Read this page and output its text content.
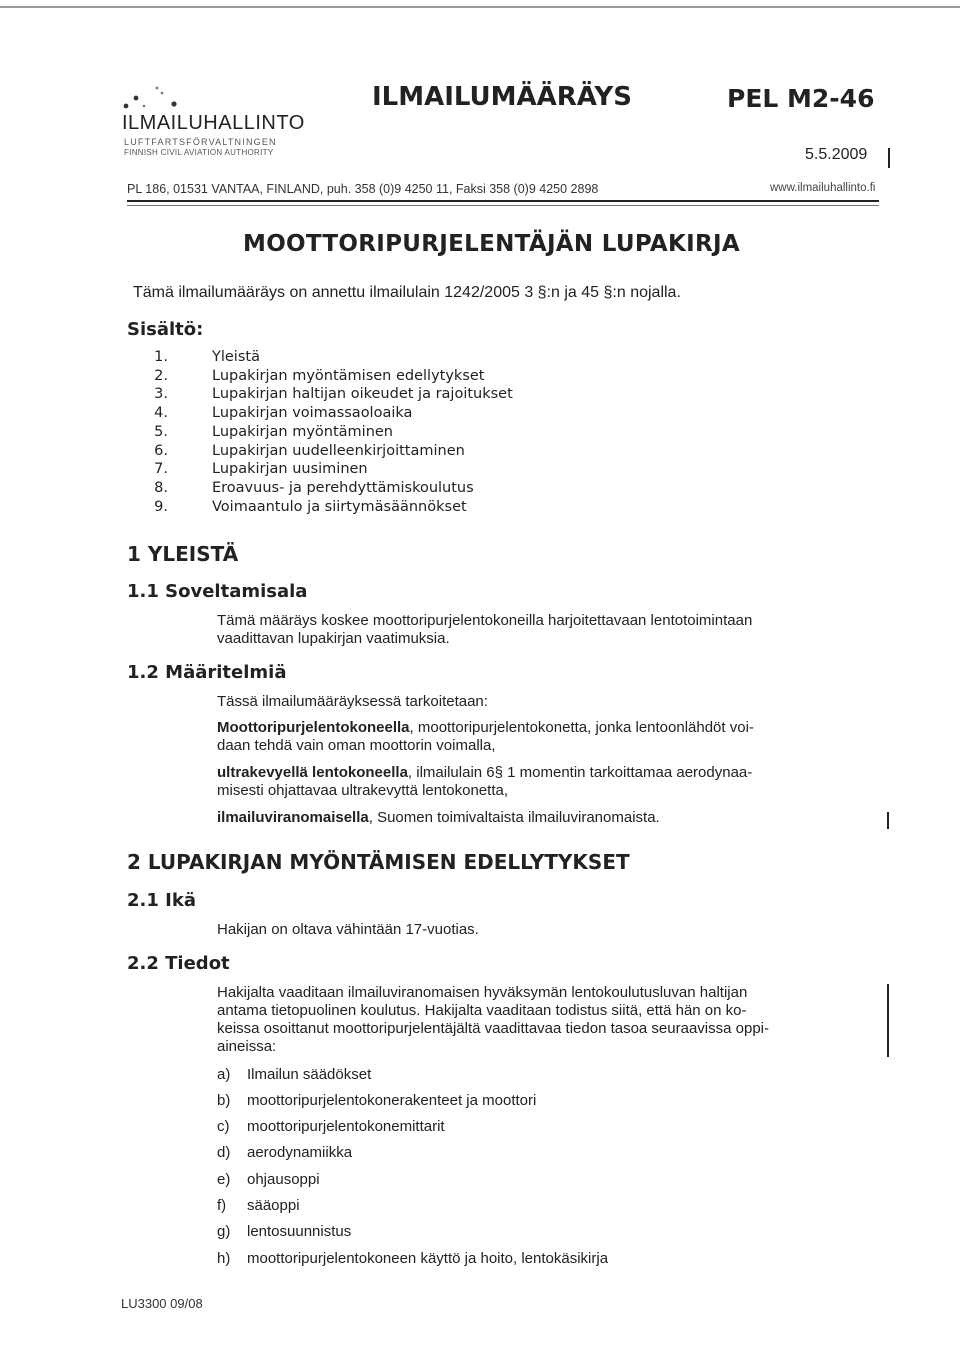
ILMAILUHALLINTO
LUFTFARTSFÖRVALTNINGEN
FINNISH CIVIL AVIATION AUTHORITY
ILMAILUMÄÄRÄYS	PEL M2-46
5.5.2009
PL 186, 01531 VANTAA, FINLAND, puh. 358 (0)9 4250 11, Faksi 358 (0)9 4250 2898	www.ilmailuhallinto.fi
MOOTTORIPURJELENTÄJÄN LUPAKIRJA
Tämä ilmailumääräys on annettu ilmailulain 1242/2005 3 §:n ja 45 §:n nojalla.
Sisältö:
1.	Yleistä
2.	Lupakirjan myöntämisen edellytykset
3.	Lupakirjan haltijan oikeudet ja rajoitukset
4.	Lupakirjan voimassaoloaika
5.	Lupakirjan myöntäminen
6.	Lupakirjan uudelleenkirjoittaminen
7.	Lupakirjan uusiminen
8.	Eroavuus- ja perehdyttämiskoulutus
9.	Voimaantulo ja siirtymäsäännökset
1 YLEISTÄ
1.1 Soveltamisala
Tämä määräys koskee moottoripurjelentokoneilla harjoitettavaan lentotoimintaan
vaadittavan lupakirjan vaatimuksia.
1.2 Määritelmiä
Tässä ilmailumääräyksessä tarkoitetaan:
Moottoripurjelentokoneella, moottoripurjelentokonetta, jonka lentoonlähdöt voi-
daan tehdä vain oman moottorin voimalla,
ultrakevyellä lentokoneella, ilmailulain 6§ 1 momentin tarkoittamaa aerodynaa-
misesti ohjattavaa ultrakevyttä lentokonetta,
ilmailuviranomaisella, Suomen toimivaltaista ilmailuviranomaista.
2 LUPAKIRJAN MYÖNTÄMISEN EDELLYTYKSET
2.1 Ikä
Hakijan on oltava vähintään 17-vuotias.
2.2 Tiedot
Hakijalta vaaditaan ilmailuviranomaisen hyväksymän lentokoulutusluvan haltijan
antama tietopuolinen koulutus. Hakijalta vaaditaan todistus siitä, että hän on ko-
keissa osoittanut moottoripurjelentäjältä vaadittavaa tiedon tasoa seuraavissa oppi-
aineissa:
a) Ilmailun säädökset
b) moottoripurjelentokonerakenteet ja moottori
c) moottoripurjelentokonemittarit
d) aerodynamiikka
e) ohjausoppi
f) sääoppi
g) lentosuunnistus
h) moottoripurjelentokoneen käyttö ja hoito, lentokäsikirja
LU3300 09/08
